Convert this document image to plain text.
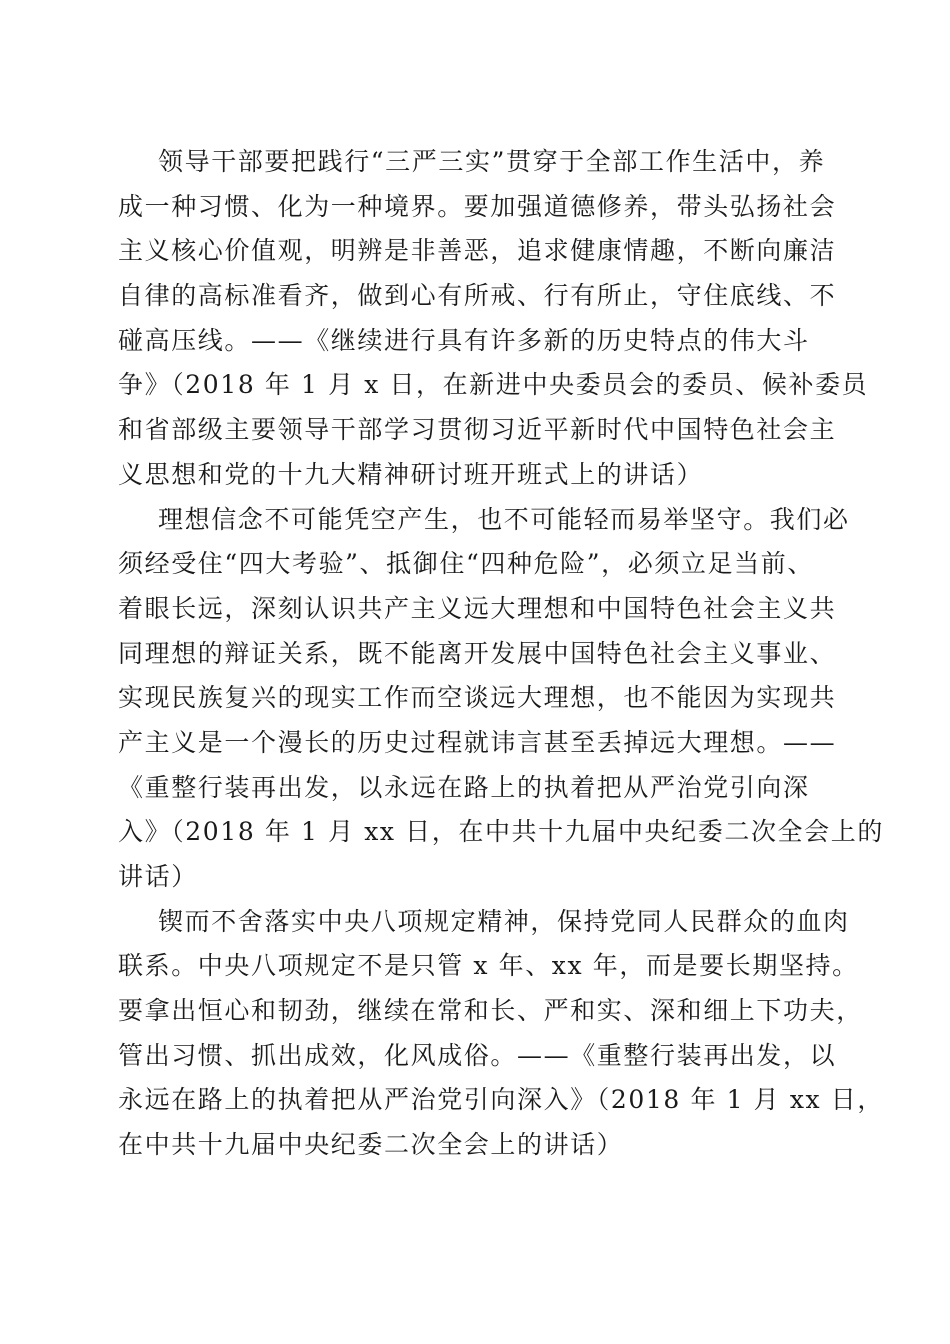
领导干部要把践行“三严三实”贯穿于全部工作生活中，养
成一种习惯、化为一种境界。要加强道德修养，带头弘扬社会
主义核心价值观，明辨是非善恶，追求健康情趣，不断向廉洁
自律的高标准看齐，做到心有所戒、行有所止，守住底线、不
碰高压线。——《继续进行具有许多新的历史特点的伟大斗
争》（2018 年 1 月 x 日，在新进中央委员会的委员、候补委员
和省部级主要领导干部学习贯彻习近平新时代中国特色社会主
义思想和党的十九大精神研讨班开班式上的讲话）
理想信念不可能凭空产生，也不可能轻而易举坚守。我们必
须经受住“四大考验”、抵御住“四种危险”，必须立足当前、
着眼长远，深刻认识共产主义远大理想和中国特色社会主义共
同理想的辩证关系，既不能离开发展中国特色社会主义事业、
实现民族复兴的现实工作而空谈远大理想，也不能因为实现共
产主义是一个漫长的历史过程就讳言甚至丢掉远大理想。——
《重整行装再出发，以永远在路上的执着把从严治党引向深
入》（2018 年 1 月 xx 日，在中共十九届中央纪委二次全会上的
讲话）
锲而不舍落实中央八项规定精神，保持党同人民群众的血肉
联系。中央八项规定不是只管 x 年、xx 年，而是要长期坚持。
要拿出恒心和韧劲，继续在常和长、严和实、深和细上下功夫，
管出习惯、抓出成效，化风成俗。——《重整行装再出发，以
永远在路上的执着把从严治党引向深入》（2018 年 1 月 xx 日，
在中共十九届中央纪委二次全会上的讲话）
